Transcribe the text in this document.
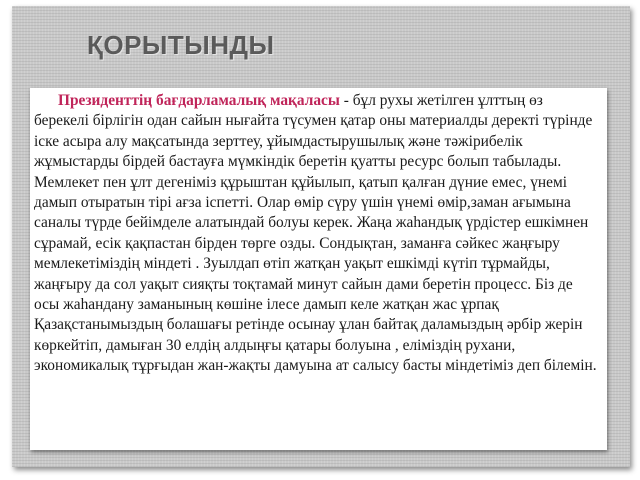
ҚОРЫТЫНДЫ

Президенттің бағдарламалық мақаласы - бұл рухы жетілген ұлттың өз берекелі бірлігін одан сайын нығайта түсумен қатар оны материалды деректі түрінде іске асыра алу мақсатында зерттеу, ұйымдастырушылық және тәжірибелік жұмыстарды бірдей бастауға мүмкіндік беретін қуатты ресурс болып табылады.

Мемлекет пен ұлт дегеніміз құрыштан құйылып, қатып қалған дүние емес, үнемі дамып отыратын тірі ағза іспетті. Олар өмір сүру үшін үнемі өмір,заман ағымына саналы түрде бейімделе алатындай болуы керек. Жаңа жаһандық үрдістер ешкімнен сұрамай, есік қақпастан бірден төрге озды. Сондықтан, заманға сәйкес жаңғыру мемлекетіміздің міндеті . Зуылдап өтіп жатқан уақыт ешкімді күтіп тұрмайды, жаңғыру да сол уақыт сияқты тоқтамай минут сайын дами беретін процесс. Біз де осы жаһандану заманының көшіне ілесе дамып келе жатқан жас ұрпақ Қазақстанымыздың болашағы ретінде осынау ұлан байтақ даламыздың әрбір жерін көркейтіп, дамыған 30 елдің алдыңғы қатары болуына , еліміздің рухани, экономикалық тұрғыдан жан-жақты дамуына ат салысу басты міндетіміз деп білемін.
